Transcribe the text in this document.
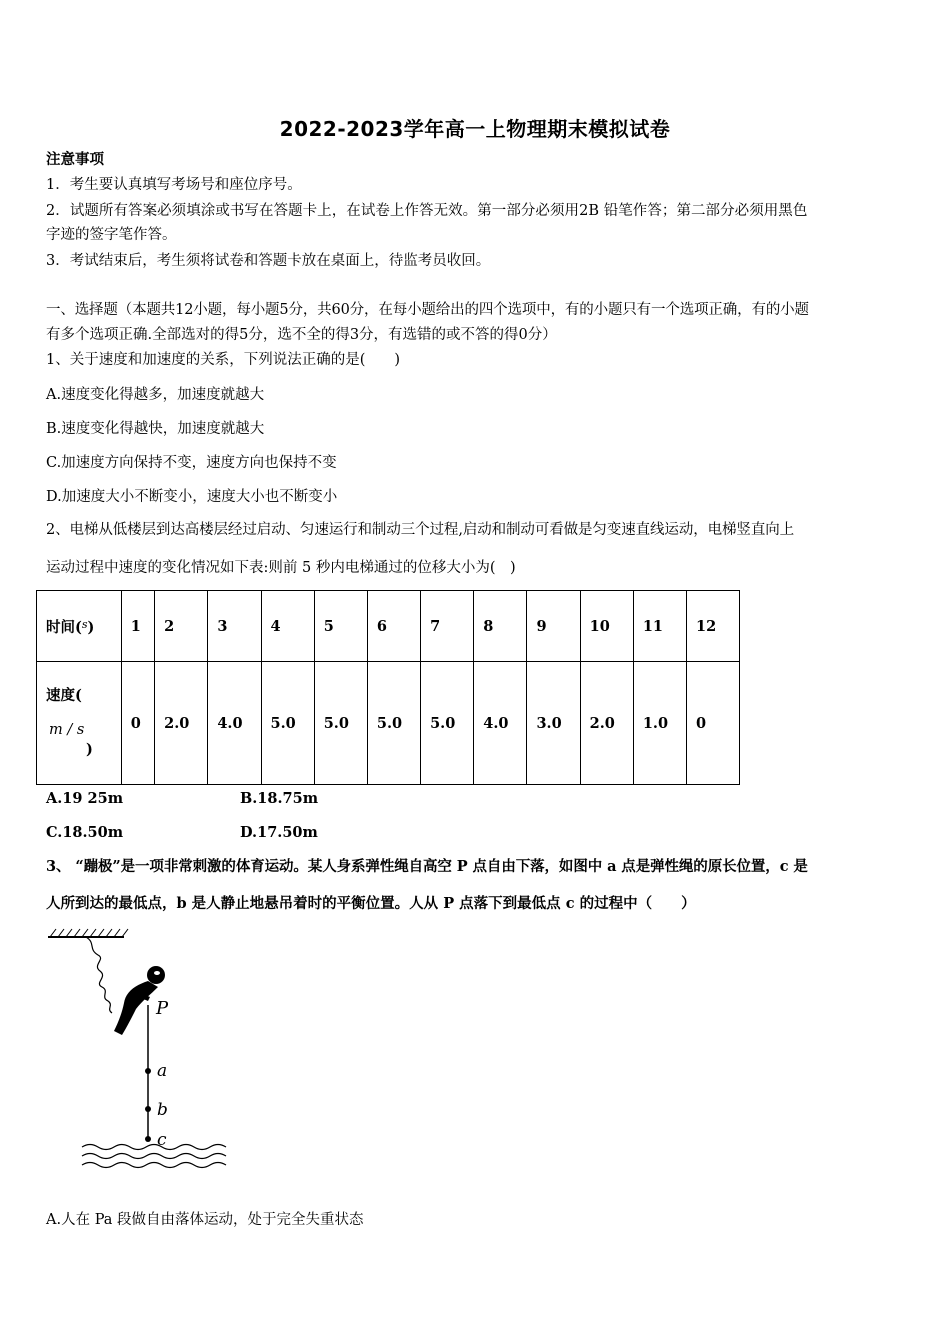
2022-2023学年高一上物理期末模拟试卷
注意事项
1．考生要认真填写考场号和座位序号。
2．试题所有答案必须填涂或书写在答题卡上，在试卷上作答无效。第一部分必须用2B 铅笔作答；第二部分必须用黑色
字迹的签字笔作答。
3．考试结束后，考生须将试卷和答题卡放在桌面上，待监考员收回。
一、选择题（本题共12小题，每小题5分，共60分，在每小题给出的四个选项中，有的小题只有一个选项正确，有的小题
有多个选项正确.全部选对的得5分，选不全的得3分，有选错的或不答的得0分）
1、关于速度和加速度的关系，下列说法正确的是(　　)
A.速度变化得越多，加速度就越大
B.速度变化得越快，加速度就越大
C.加速度方向保持不变，速度方向也保持不变
D.加速度大小不断变小，速度大小也不断变小
2、电梯从低楼层到达高楼层经过启动、匀速运行和制动三个过程,启动和制动可看做是匀变速直线运动，电梯竖直向上
运动过程中速度的变化情况如下表:则前 5 秒内电梯通过的位移大小为(　)
时间($^s$)	1	2	3	4	5	6	7	8	9	10	11	12

速度(
m / s
)	0	2.0	4.0	5.0	5.0	5.0	5.0	4.0	3.0	2.0	1.0	0
A.19 25m	B.18.75m
C.18.50m	D.17.50m
3、 “蹦极”是一项非常刺激的体育运动。某人身系弹性绳自高空 P 点自由下落，如图中 a 点是弹性绳的原长位置，c 是
人所到达的最低点，b 是人静止地悬吊着时的平衡位置。人从 P 点落下到最低点 c 的过程中（　　）
P
a
b
c
A.人在 Pa 段做自由落体运动，处于完全失重状态
